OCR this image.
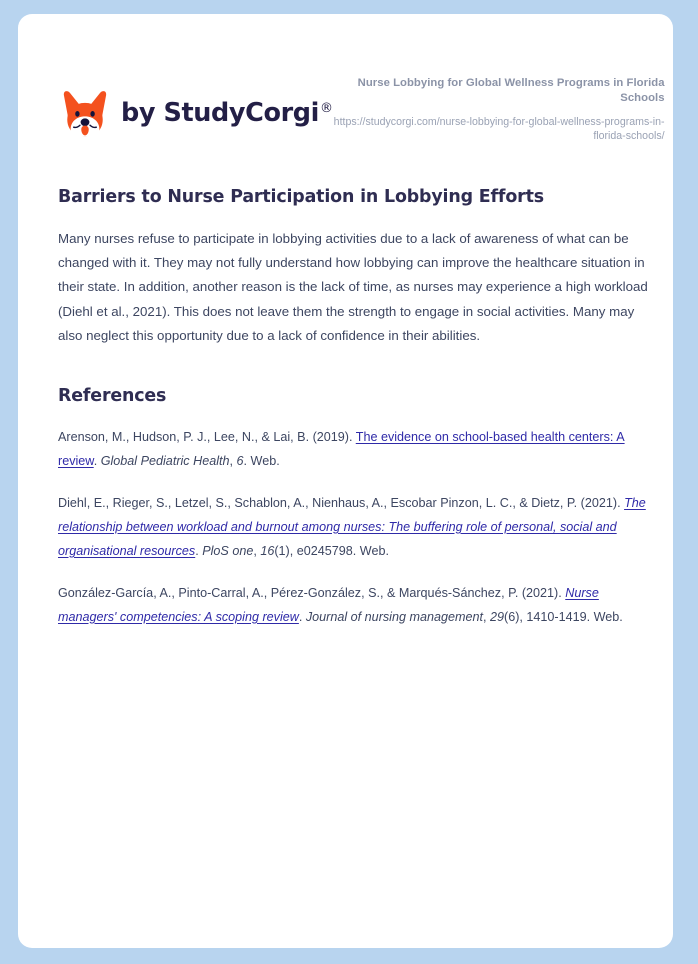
by StudyCorgi®
Nurse Lobbying for Global Wellness Programs in Florida Schools
https://studycorgi.com/nurse-lobbying-for-global-wellness-programs-in-florida-schools/
Barriers to Nurse Participation in Lobbying Efforts

Many nurses refuse to participate in lobbying activities due to a lack of awareness of what can be changed with it. They may not fully understand how lobbying can improve the healthcare situation in their state. In addition, another reason is the lack of time, as nurses may experience a high workload (Diehl et al., 2021). This does not leave them the strength to engage in social activities. Many may also neglect this opportunity due to a lack of confidence in their abilities.

References

Arenson, M., Hudson, P. J., Lee, N., & Lai, B. (2019). The evidence on school-based health centers: A review. Global Pediatric Health, 6. Web.

Diehl, E., Rieger, S., Letzel, S., Schablon, A., Nienhaus, A., Escobar Pinzon, L. C., & Dietz, P. (2021). The relationship between workload and burnout among nurses: The buffering role of personal, social and organisational resources. PloS one, 16(1), e0245798. Web.

González-García, A., Pinto-Carral, A., Pérez-González, S., & Marqués-Sánchez, P. (2021). Nurse managers' competencies: A scoping review. Journal of nursing management, 29(6), 1410-1419. Web.
